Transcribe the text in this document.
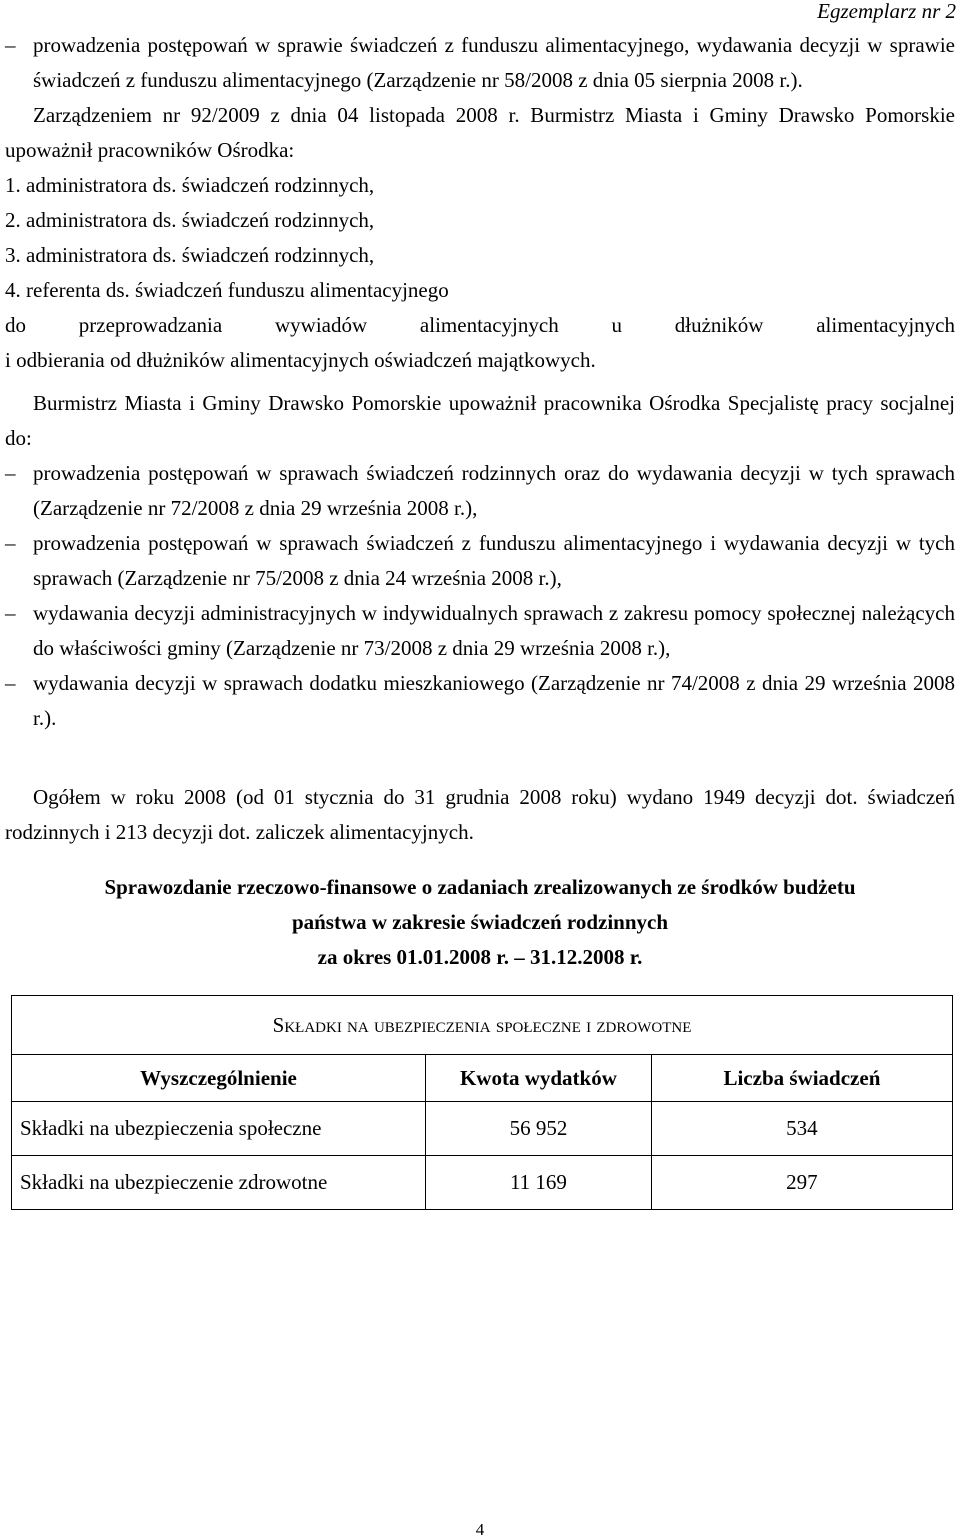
Egzemplarz nr 2
– prowadzenia postępowań w sprawie świadczeń z funduszu alimentacyjnego, wydawania decyzji w sprawie świadczeń z funduszu alimentacyjnego (Zarządzenie nr 58/2008 z dnia 05 sierpnia 2008 r.).

Zarządzeniem nr 92/2009 z dnia 04 listopada 2008 r. Burmistrz Miasta i Gminy Drawsko Pomorskie upoważnił pracowników Ośrodka:

1. administratora ds. świadczeń rodzinnych,
2. administratora ds. świadczeń rodzinnych,
3. administratora ds. świadczeń rodzinnych,
4. referenta ds. świadczeń funduszu alimentacyjnego
do przeprowadzania wywiadów alimentacyjnych u dłużników alimentacyjnych
i odbierania od dłużników alimentacyjnych oświadczeń majątkowych.

Burmistrz Miasta i Gminy Drawsko Pomorskie upoważnił pracownika Ośrodka Specjalistę pracy socjalnej do:

– prowadzenia postępowań w sprawach świadczeń rodzinnych oraz do wydawania decyzji w tych sprawach (Zarządzenie nr 72/2008 z dnia 29 września 2008 r.),
– prowadzenia postępowań w sprawach świadczeń z funduszu alimentacyjnego i wydawania decyzji w tych sprawach (Zarządzenie nr 75/2008 z dnia 24 września 2008 r.),
– wydawania decyzji administracyjnych w indywidualnych sprawach z zakresu pomocy społecznej należących do właściwości gminy (Zarządzenie nr 73/2008 z dnia 29 września 2008 r.),
– wydawania decyzji w sprawach dodatku mieszkaniowego (Zarządzenie nr 74/2008 z dnia 29 września 2008 r.).

Ogółem w roku 2008 (od 01 stycznia do 31 grudnia 2008 roku) wydano 1949 decyzji dot. świadczeń rodzinnych i 213 decyzji dot. zaliczek alimentacyjnych.

Sprawozdanie rzeczowo-finansowe o zadaniach zrealizowanych ze środków budżetu
państwa w zakresie świadczeń rodzinnych
za okres 01.01.2008 r. – 31.12.2008 r.
Składki na ubezpieczenia społeczne i zdrowotne		
Wyszczególnienie	Kwota wydatków	Liczba świadczeń
Składki na ubezpieczenia społeczne	56 952	534
Składki na ubezpieczenie zdrowotne	11 169	297
4
